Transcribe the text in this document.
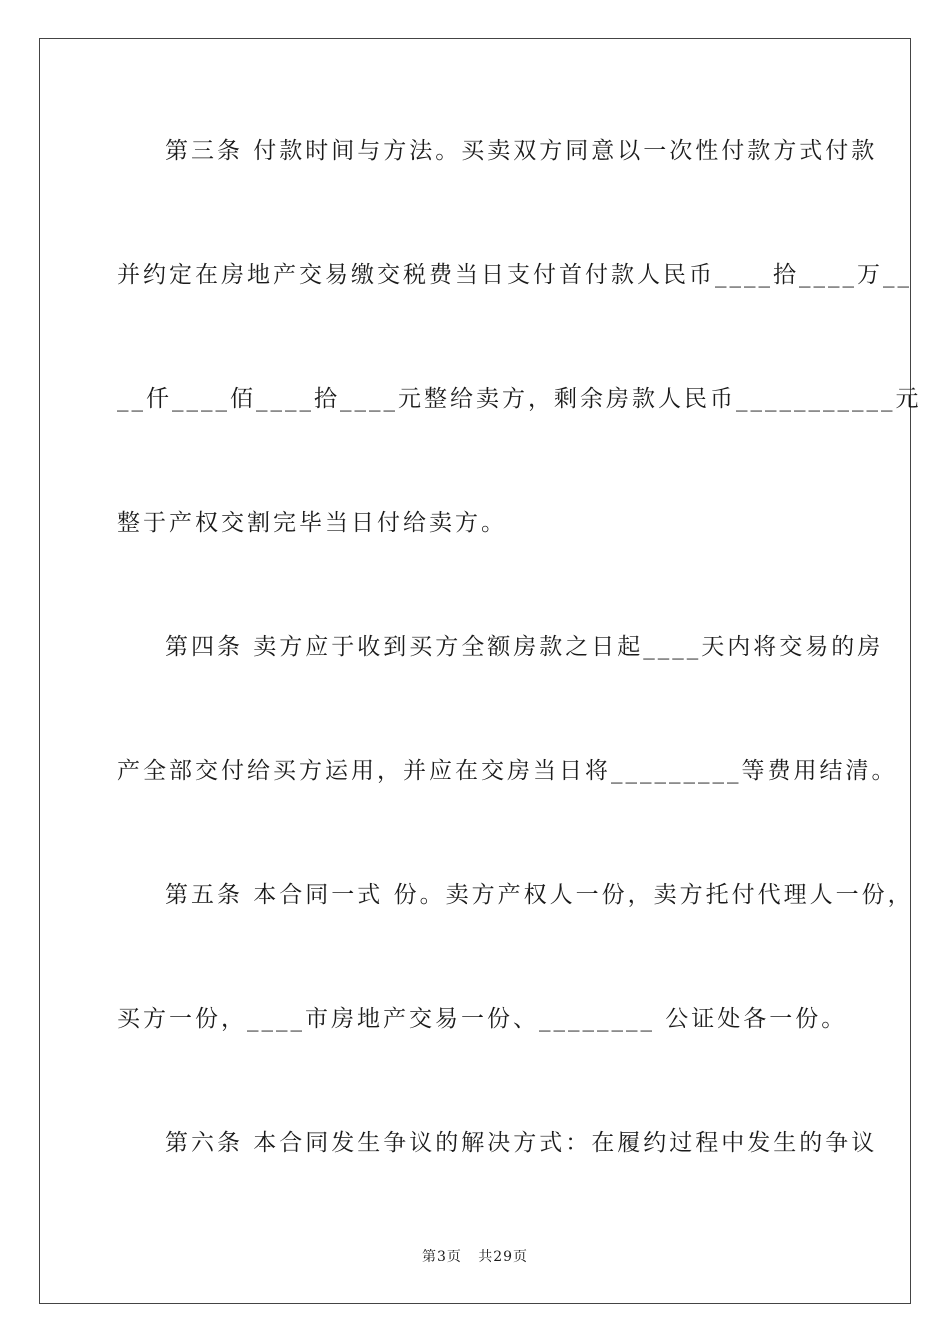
第三条 付款时间与方法。买卖双方同意以一次性付款方式付款
并约定在房地产交易缴交税费当日支付首付款人民币____拾____万__
__仟____佰____拾____元整给卖方，剩余房款人民币___________元
整于产权交割完毕当日付给卖方。
第四条 卖方应于收到买方全额房款之日起____天内将交易的房
产全部交付给买方运用，并应在交房当日将_________等费用结清。
第五条 本合同一式 份。卖方产权人一份，卖方托付代理人一份，
买方一份，____市房地产交易一份、________ 公证处各一份。
第六条 本合同发生争议的解决方式：在履约过程中发生的争议
第3页   共29页
